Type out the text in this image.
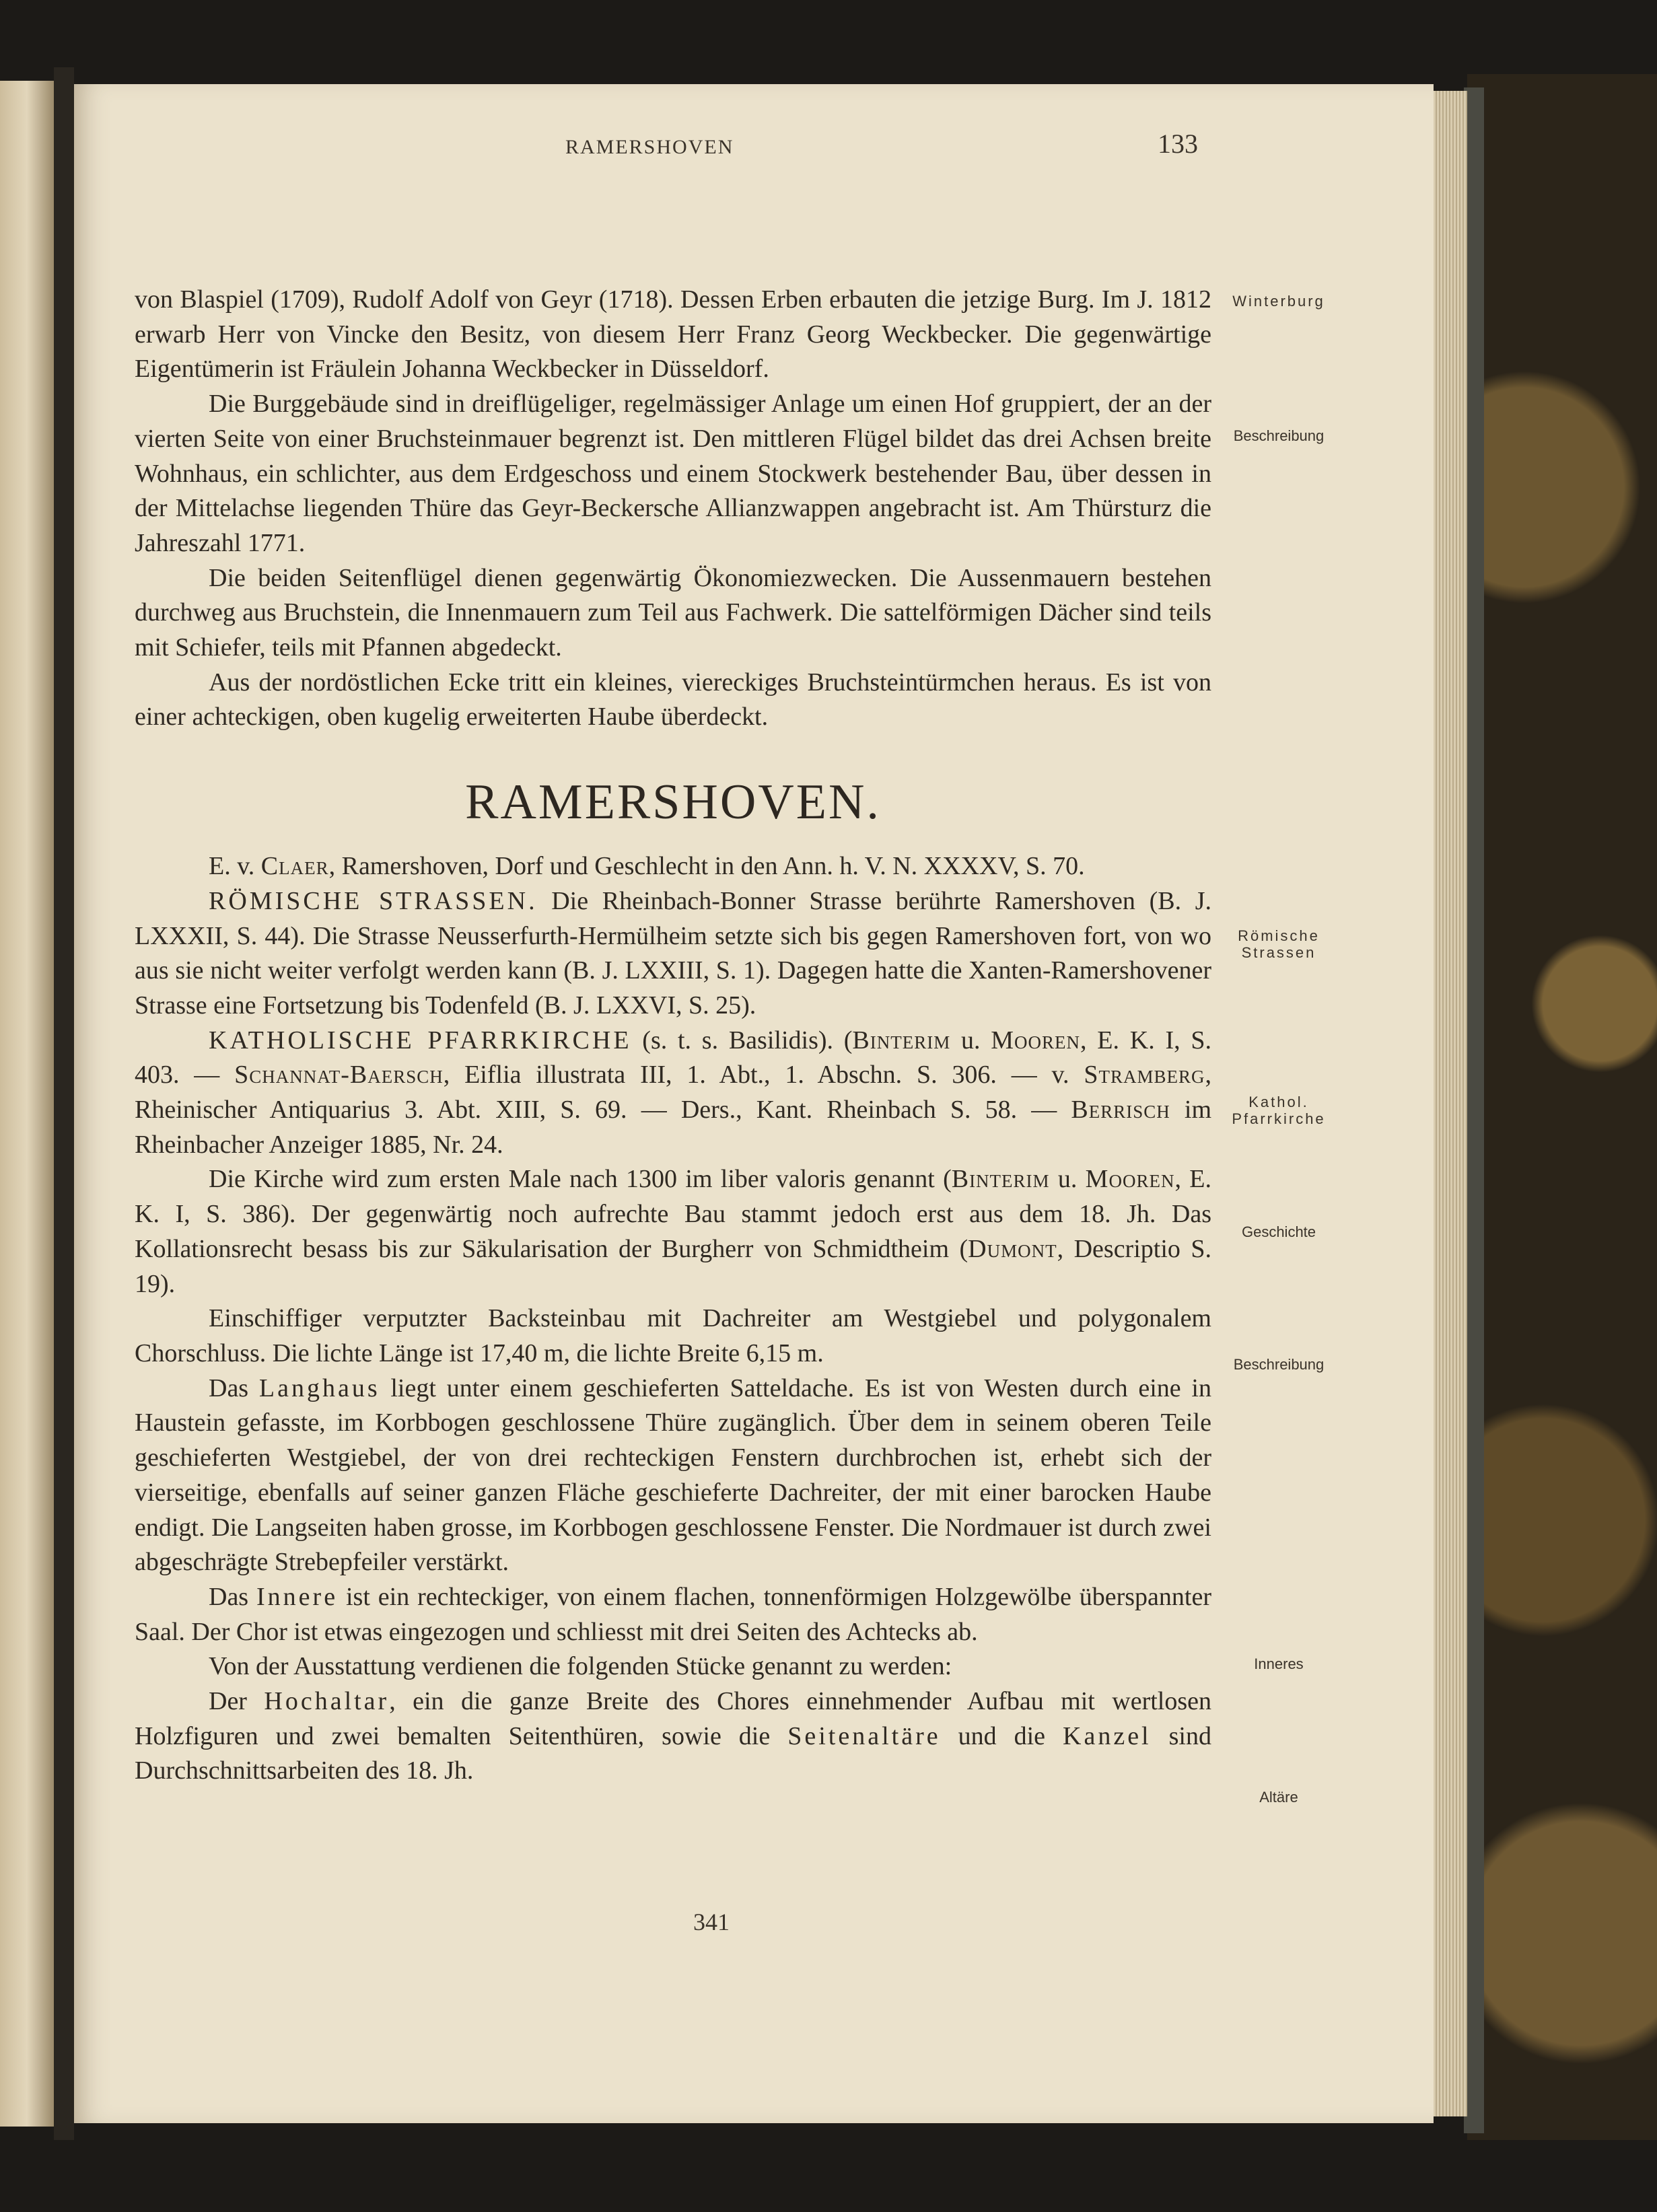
RAMERSHOVEN	133
Winterburg
Beschreibung
Römische
Strassen
Kathol.
Pfarrkirche
Geschichte
Beschreibung
Inneres
Altäre

von Blaspiel (1709), Rudolf Adolf von Geyr (1718). Dessen Erben erbauten die jetzige Burg. Im J. 1812 erwarb Herr von Vincke den Besitz, von diesem Herr Franz Georg Weckbecker. Die gegenwärtige Eigentümerin ist Fräulein Johanna Weckbecker in Düsseldorf.

Die Burggebäude sind in dreiflügeliger, regelmässiger Anlage um einen Hof gruppiert, der an der vierten Seite von einer Bruchsteinmauer begrenzt ist. Den mittleren Flügel bildet das drei Achsen breite Wohnhaus, ein schlichter, aus dem Erdgeschoss und einem Stockwerk bestehender Bau, über dessen in der Mittelachse liegenden Thüre das Geyr-Beckersche Allianzwappen angebracht ist. Am Thürsturz die Jahreszahl 1771.

Die beiden Seitenflügel dienen gegenwärtig Ökonomiezwecken. Die Aussenmauern bestehen durchweg aus Bruchstein, die Innenmauern zum Teil aus Fachwerk. Die sattelförmigen Dächer sind teils mit Schiefer, teils mit Pfannen abgedeckt.

Aus der nordöstlichen Ecke tritt ein kleines, viereckiges Bruchsteintürmchen heraus. Es ist von einer achteckigen, oben kugelig erweiterten Haube überdeckt.

RAMERSHOVEN.

E. v. Claer, Ramershoven, Dorf und Geschlecht in den Ann. h. V. N. XXXXV, S. 70.

RÖMISCHE STRASSEN. Die Rheinbach-Bonner Strasse berührte Ramershoven (B. J. LXXXII, S. 44). Die Strasse Neusserfurth-Hermülheim setzte sich bis gegen Ramershoven fort, von wo aus sie nicht weiter verfolgt werden kann (B. J. LXXIII, S. 1). Dagegen hatte die Xanten-Ramershovener Strasse eine Fortsetzung bis Todenfeld (B. J. LXXVI, S. 25).

KATHOLISCHE PFARRKIRCHE (s. t. s. Basilidis). (Binterim u. Mooren, E. K. I, S. 403. — Schannat-Baersch, Eiflia illustrata III, 1. Abt., 1. Abschn. S. 306. — v. Stramberg, Rheinischer Antiquarius 3. Abt. XIII, S. 69. — Ders., Kant. Rheinbach S. 58. — Berrisch im Rheinbacher Anzeiger 1885, Nr. 24.

Die Kirche wird zum ersten Male nach 1300 im liber valoris genannt (Binterim u. Mooren, E. K. I, S. 386). Der gegenwärtig noch aufrechte Bau stammt jedoch erst aus dem 18. Jh. Das Kollationsrecht besass bis zur Säkularisation der Burgherr von Schmidtheim (Dumont, Descriptio S. 19).

Einschiffiger verputzter Backsteinbau mit Dachreiter am Westgiebel und polygonalem Chorschluss. Die lichte Länge ist 17,40 m, die lichte Breite 6,15 m.

Das Langhaus liegt unter einem geschieferten Satteldache. Es ist von Westen durch eine in Haustein gefasste, im Korbbogen geschlossene Thüre zugänglich. Über dem in seinem oberen Teile geschieferten Westgiebel, der von drei rechteckigen Fenstern durchbrochen ist, erhebt sich der vierseitige, ebenfalls auf seiner ganzen Fläche geschieferte Dachreiter, der mit einer barocken Haube endigt. Die Langseiten haben grosse, im Korbbogen geschlossene Fenster. Die Nordmauer ist durch zwei abgeschrägte Strebepfeiler verstärkt.

Das Innere ist ein rechteckiger, von einem flachen, tonnenförmigen Holzgewölbe überspannter Saal. Der Chor ist etwas eingezogen und schliesst mit drei Seiten des Achtecks ab.

Von der Ausstattung verdienen die folgenden Stücke genannt zu werden:

Der Hochaltar, ein die ganze Breite des Chores einnehmender Aufbau mit wertlosen Holzfiguren und zwei bemalten Seitenthüren, sowie die Seitenaltäre und die Kanzel sind Durchschnittsarbeiten des 18. Jh.

341
